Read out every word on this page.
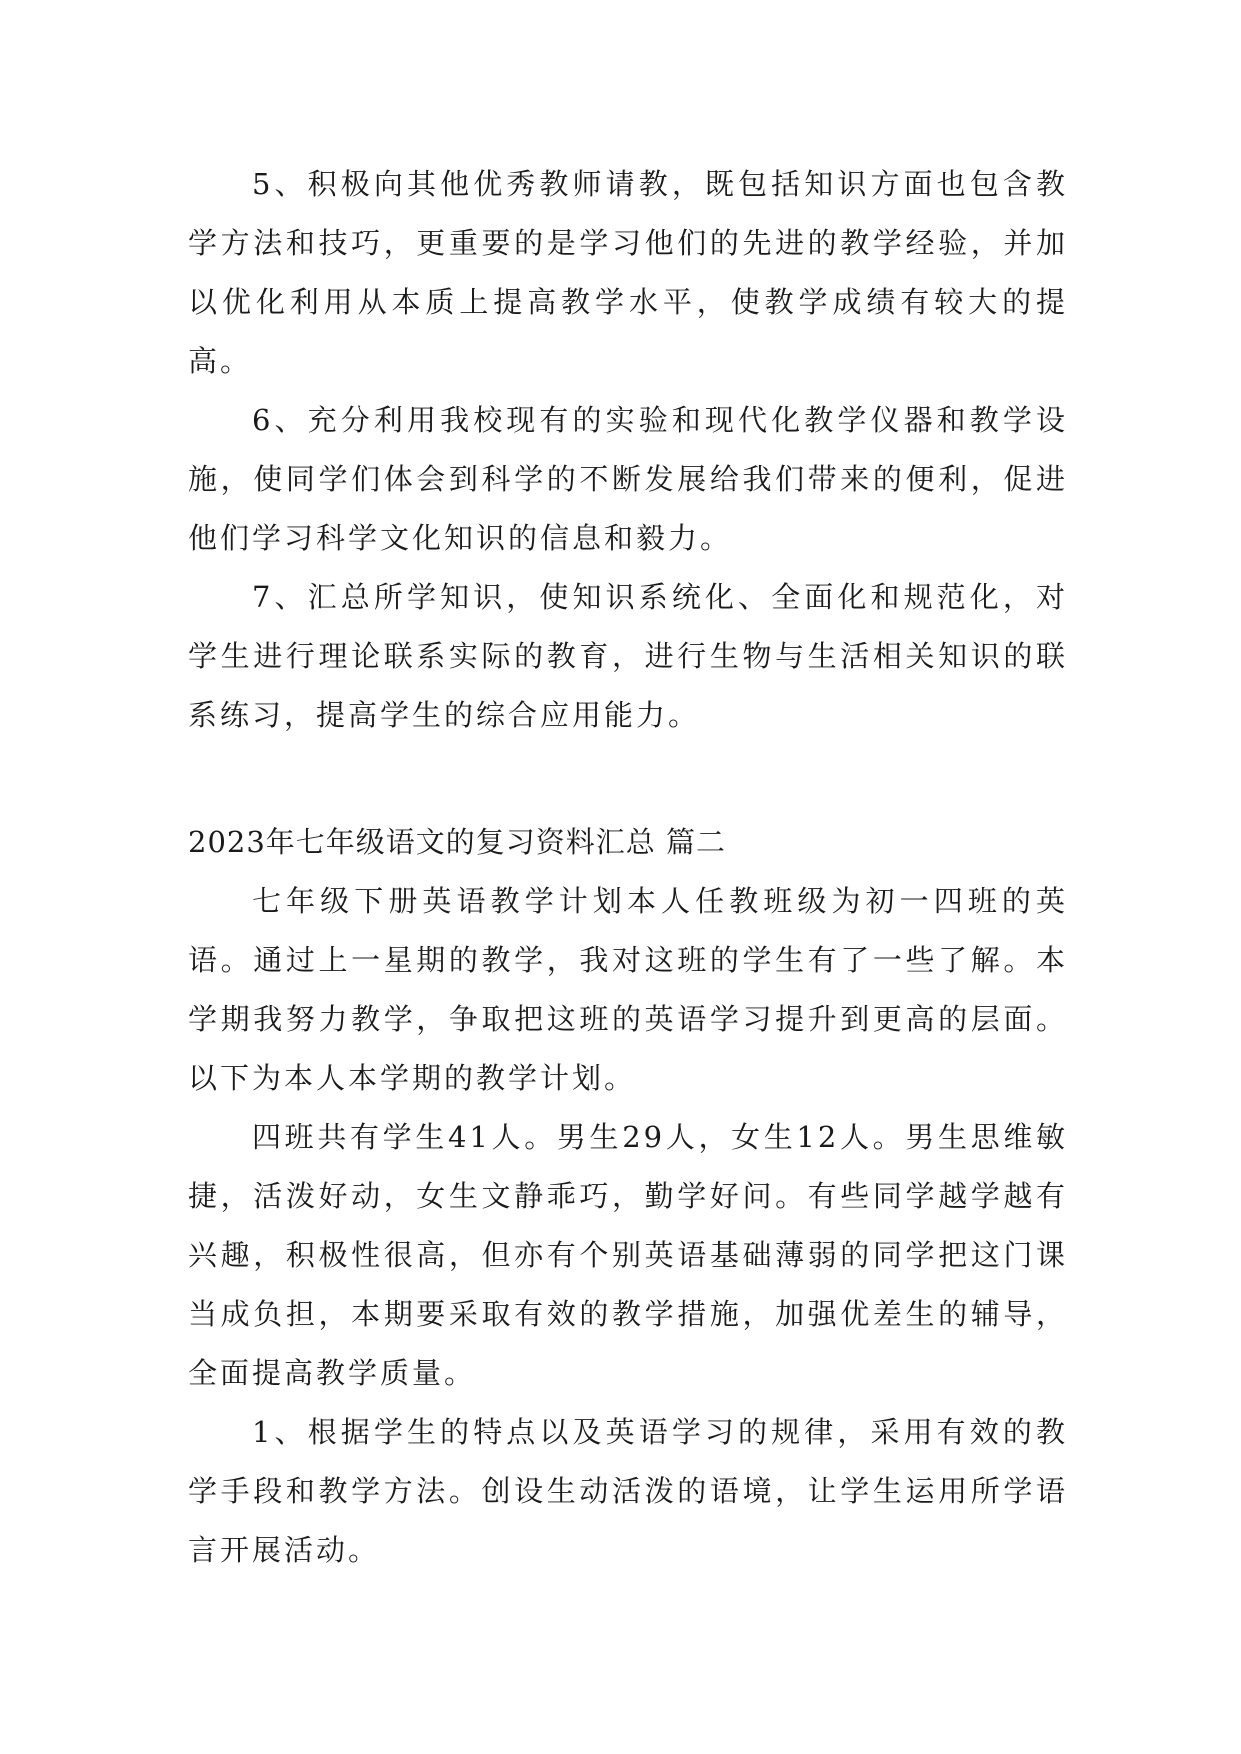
5、积极向其他优秀教师请教，既包括知识方面也包含教学方法和技巧，更重要的是学习他们的先进的教学经验，并加以优化利用从本质上提高教学水平，使教学成绩有较大的提高。

6、充分利用我校现有的实验和现代化教学仪器和教学设施，使同学们体会到科学的不断发展给我们带来的便利，促进他们学习科学文化知识的信息和毅力。

7、汇总所学知识，使知识系统化、全面化和规范化，对学生进行理论联系实际的教育，进行生物与生活相关知识的联系练习，提高学生的综合应用能力。

2023年七年级语文的复习资料汇总 篇二

七年级下册英语教学计划本人任教班级为初一四班的英语。通过上一星期的教学，我对这班的学生有了一些了解。本学期我努力教学，争取把这班的英语学习提升到更高的层面。以下为本人本学期的教学计划。

四班共有学生41人。男生29人，女生12人。男生思维敏捷，活泼好动，女生文静乖巧，勤学好问。有些同学越学越有兴趣，积极性很高，但亦有个别英语基础薄弱的同学把这门课当成负担，本期要采取有效的教学措施，加强优差生的辅导，全面提高教学质量。

1、根据学生的特点以及英语学习的规律，采用有效的教学手段和教学方法。创设生动活泼的语境，让学生运用所学语言开展活动。
